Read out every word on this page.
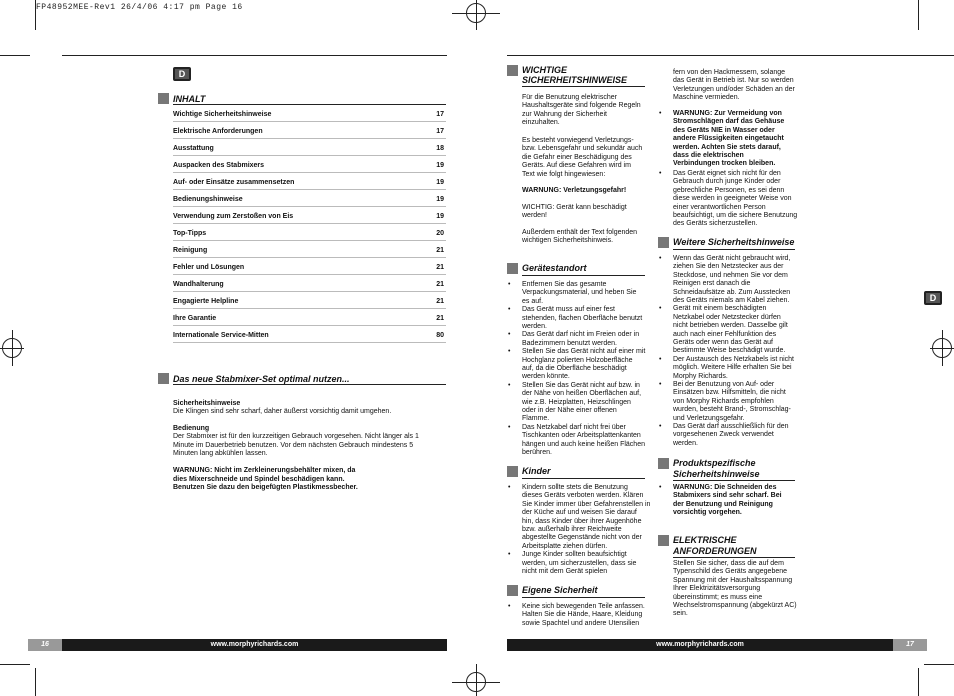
FP48952MEE-Rev1 26/4/06 4:17 pm Page 16
D
INHALT
Wichtige Sicherheitshinweise	17
Elektrische Anforderungen	17
Ausstattung	18
Auspacken des Stabmixers	19
Auf- oder Einsätze zusammensetzen	19
Bedienungshinweise	19
Verwendung zum Zerstoßen von Eis	19
Top-Tipps	20
Reinigung	21
Fehler und Lösungen	21
Wandhalterung	21
Engagierte Helpline	21
Ihre Garantie	21
Internationale Service-Mitten	80
Das neue Stabmixer-Set optimal nutzen...
Sicherheitshinweise
Die Klingen sind sehr scharf, daher äußerst vorsichtig damit umgehen.
Bedienung
Der Stabmixer ist für den kurzzeitigen Gebrauch vorgesehen. Nicht länger als 1
Minute im Dauerbetrieb benutzen. Vor dem nächsten Gebrauch mindestens 5
Minuten lang abkühlen lassen.
WARNUNG: Nicht im Zerkleinerungsbehälter mixen, da
dies Mixerschneide und Spindel beschädigen kann.
Benutzen Sie dazu den beigefügten Plastikmessbecher.
16	www.morphyrichards.com
WICHTIGE
SICHERHEITSHINWEISE
Für die Benutzung elektrischer
Haushaltsgeräte sind folgende Regeln
zur Wahrung der Sicherheit
einzuhalten.
Es besteht vorwiegend Verletzungs-
bzw. Lebensgefahr und sekundär auch
die Gefahr einer Beschädigung des
Geräts. Auf diese Gefahren wird im
Text wie folgt hingewiesen:
WARNUNG: Verletzungsgefahr!
WICHTIG: Gerät kann beschädigt
werden!
Außerdem enthält der Text folgenden
wichtigen Sicherheitshinweis.
Gerätestandort
• Entfernen Sie das gesamte
Verpackungsmaterial, und heben Sie
es auf.
• Das Gerät muss auf einer fest
stehenden, flachen Oberfläche benutzt
werden.
• Das Gerät darf nicht im Freien oder in
Badezimmern benutzt werden.
• Stellen Sie das Gerät nicht auf einer mit
Hochglanz polierten Holzoberfläche
auf, da die Oberfläche beschädigt
werden könnte.
• Stellen Sie das Gerät nicht auf bzw. in
der Nähe von heißen Oberflächen auf,
wie z.B. Heizplatten, Heizschlingen
oder in der Nähe einer offenen
Flamme.
• Das Netzkabel darf nicht frei über
Tischkanten oder Arbeitsplattenkanten
hängen und auch keine heißen Flächen
berühren.
Kinder
• Kindern sollte stets die Benutzung
dieses Geräts verboten werden. Klären
Sie Kinder immer über Gefahrenstellen in
der Küche auf und weisen Sie darauf
hin, dass Kinder über ihrer Augenhöhe
bzw. außerhalb ihrer Reichweite
abgestellte Gegenstände nicht von der
Arbeitsplatte ziehen dürfen.
• Junge Kinder sollten beaufsichtigt
werden, um sicherzustellen, dass sie
nicht mit dem Gerät spielen
Eigene Sicherheit
• Keine sich bewegenden Teile anfassen.
Halten Sie die Hände, Haare, Kleidung
sowie Spachtel und andere Utensilien
fern von den Hackmessern, solange
das Gerät in Betrieb ist. Nur so werden
Verletzungen und/oder Schäden an der
Maschine vermieden.
• WARNUNG: Zur Vermeidung von
Stromschlägen darf das Gehäuse
des Geräts NIE in Wasser oder
andere Flüssigkeiten eingetaucht
werden. Achten Sie stets darauf,
dass die elektrischen
Verbindungen trocken bleiben.
• Das Gerät eignet sich nicht für den
Gebrauch durch junge Kinder oder
gebrechliche Personen, es sei denn
diese werden in geeigneter Weise von
einer verantwortlichen Person
beaufsichtigt, um die sichere Benutzung
des Geräts sicherzustellen.
Weitere Sicherheitshinweise
• Wenn das Gerät nicht gebraucht wird,
ziehen Sie den Netzstecker aus der
Steckdose, und nehmen Sie vor dem
Reinigen erst danach die
Schneidaufsätze ab. Zum Ausstecken
des Geräts niemals am Kabel ziehen.
• Gerät mit einem beschädigten
Netzkabel oder Netzstecker dürfen
nicht betrieben werden. Dasselbe gilt
auch nach einer Fehlfunktion des
Geräts oder wenn das Gerät auf
bestimmte Weise beschädigt wurde.
• Der Austausch des Netzkabels ist nicht
möglich. Weitere Hilfe erhalten Sie bei
Morphy Richards.
• Bei der Benutzung von Auf- oder
Einsätzen bzw. Hilfsmitteln, die nicht
von Morphy Richards empfohlen
wurden, besteht Brand-, Stromschlag-
und Verletzungsgefahr.
• Das Gerät darf ausschließlich für den
vorgesehenen Zweck verwendet
werden.
Produktspezifische
Sicherheitshinweise
• WARNUNG: Die Schneiden des
Stabmixers sind sehr scharf. Bei
der Benutzung und Reinigung
vorsichtig vorgehen.
ELEKTRISCHE
ANFORDERUNGEN
Stellen Sie sicher, dass die auf dem
Typenschild des Geräts angegebene
Spannung mit der Haushaltsspannung
Ihrer Elektrizitätsversorgung
übereinstimmt; es muss eine
Wechselstromspannung (abgekürzt AC)
sein.
D
www.morphyrichards.com	17
